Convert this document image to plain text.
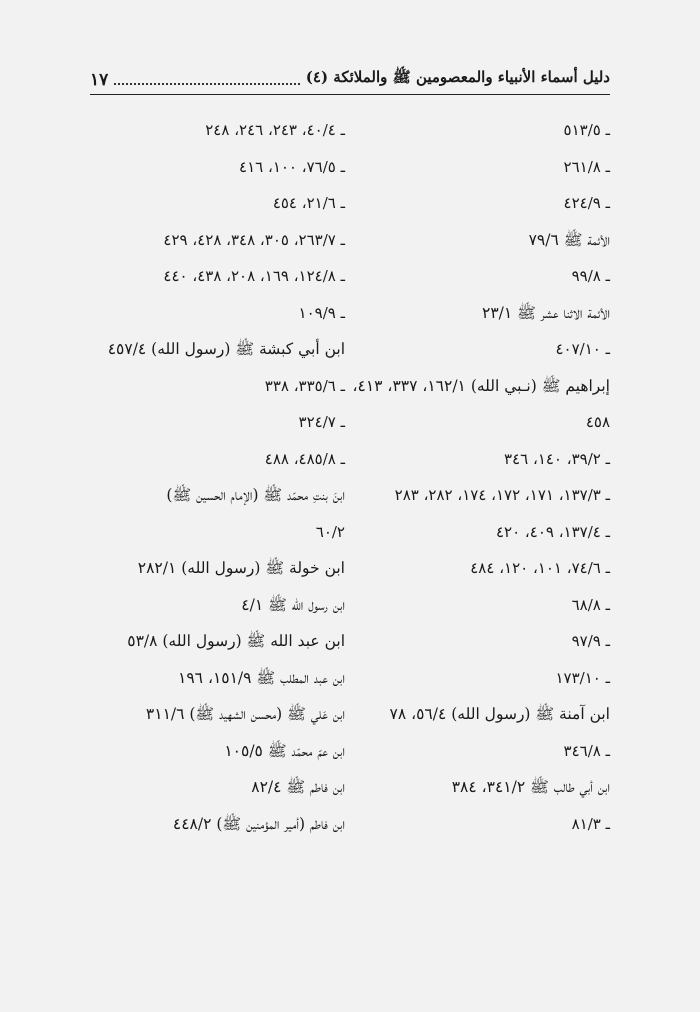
دليل أسماء الأنبياء والمعصومين ﷺ والملائكة (٤)
١٧
ـ ٥١٣/٥
ـ ٢٦١/٨
ـ ٤٢٤/٩
الأئمة ﷺ ٧٩/٦
ـ ٩٩/٨
الأئمة الاثنا عشر ﷺ ٢٣/١
ـ ٤٠٧/١٠
إبراهيم ﷺ (نـبي الله) ١٦٢/١، ٣٣٧، ٤١٣،
٤٥٨
ـ ٣٩/٢، ١٤٠، ٣٤٦
ـ ١٣٧/٣، ١٧١، ١٧٢، ١٧٤، ٢٨٢، ٢٨٣
ـ ١٣٧/٤، ٤٠٩، ٤٢٠
ـ ٧٤/٦، ١٠١، ١٢٠، ٤٨٤
ـ ٦٨/٨
ـ ٩٧/٩
ـ ١٧٣/١٠
ابن آمنة ﷺ (رسول الله) ٥٦/٤، ٧٨
ـ ٣٤٦/٨
ابن أبي طالب ﷺ ٣٤١/٢، ٣٨٤
ـ ٨١/٣
ـ ٤٠/٤، ٢٤٣، ٢٤٦، ٢٤٨
ـ ٧٦/٥، ١٠٠، ٤١٦
ـ ٢١/٦، ٤٥٤
ـ ٢٦٣/٧، ٣٠٥، ٣٤٨، ٤٢٨، ٤٢٩
ـ ١٢٤/٨، ١٦٩، ٢٠٨، ٤٣٨، ٤٤٠
ـ ١٠٩/٩
ابن أبي كبشة ﷺ (رسول الله) ٤٥٧/٤
ـ ٣٣٥/٦، ٣٣٨
ـ ٣٢٤/٧
ـ ٤٨٥/٨، ٤٨٨
ابنَ بنتِ محمّد ﷺ (الإمام الحسين ﷺ)
٦٠/٢
ابن خولة ﷺ (رسول الله) ٢٨٢/١
ابن رسول الله ﷺ ٤/١
ابن عبد الله ﷺ (رسول الله) ٥٣/٨
ابن عبد المطلب ﷺ ١٥١/٩، ١٩٦
ابن عَلي ﷺ (محسن الشهيد ﷺ) ٣١١/٦
ابن عمّ محمّد ﷺ ١٠٥/٥
ابن فاطم ﷺ ٨٢/٤
ابن فاطم (أمير المؤمنين ﷺ) ٤٤٨/٢
